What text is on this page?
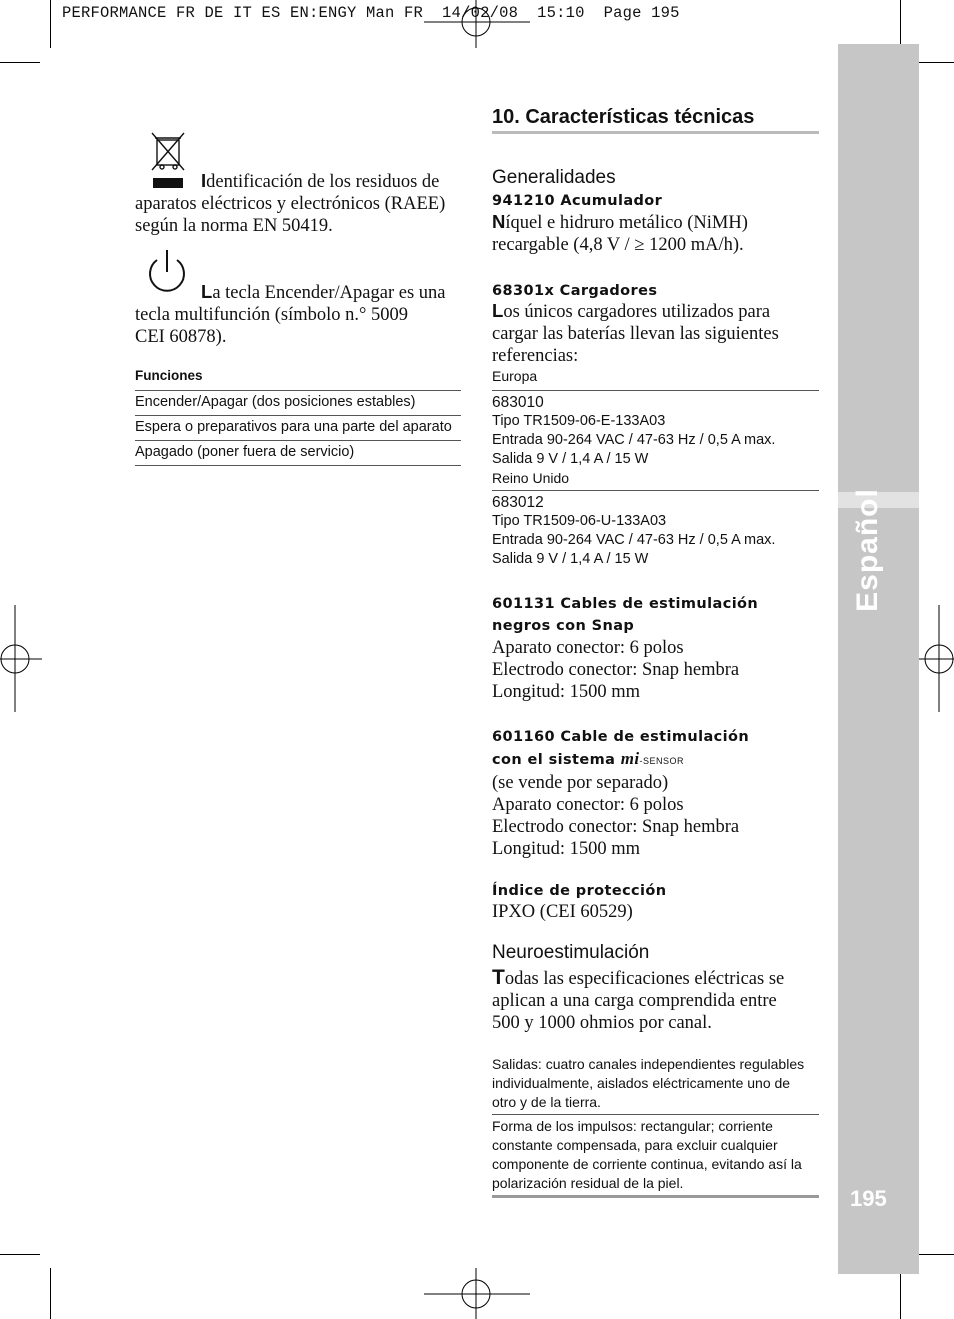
PERFORMANCE FR DE IT ES EN:ENGY Man FR  14/02/08  15:10  Page 195
Español
195
Identificación de los residuos de
aparatos eléctricos y electrónicos (RAEE)
según la norma EN 50419.
La tecla Encender/Apagar es una
tecla multifunción (símbolo n.° 5009
CEI 60878).
Funciones
Encender/Apagar (dos posiciones estables)
Espera o preparativos para una parte del aparato
Apagado (poner fuera de servicio)
10. Características técnicas
Generalidades
941210 Acumulador
Níquel e hidruro metálico (NiMH)
recargable (4,8 V / ≥ 1200 mA/h).
68301x Cargadores
Los únicos cargadores utilizados para
cargar las baterías llevan las siguientes
referencias:
Europa
683010
Tipo TR1509-06-E-133A03
Entrada 90-264 VAC / 47-63 Hz / 0,5 A max.
Salida 9 V / 1,4 A / 15 W
Reino Unido
683012
Tipo TR1509-06-U-133A03
Entrada 90-264 VAC / 47-63 Hz / 0,5 A max.
Salida 9 V / 1,4 A / 15 W
601131 Cables de estimulación
negros con Snap
Aparato conector: 6 polos
Electrodo conector: Snap hembra
Longitud: 1500 mm
601160 Cable de estimulación
con el sistema mi-SENSOR
(se vende por separado)
Aparato conector: 6 polos
Electrodo conector: Snap hembra
Longitud: 1500 mm
Índice de protección
IPXO (CEI 60529)
Neuroestimulación
Todas las especificaciones eléctricas se
aplican a una carga comprendida entre
500 y 1000 ohmios por canal.
Salidas: cuatro canales independientes regulables
individualmente, aislados eléctricamente uno de
otro y de la tierra.
Forma de los impulsos: rectangular; corriente
constante compensada, para excluir cualquier
componente de corriente continua, evitando así la
polarización residual de la piel.
